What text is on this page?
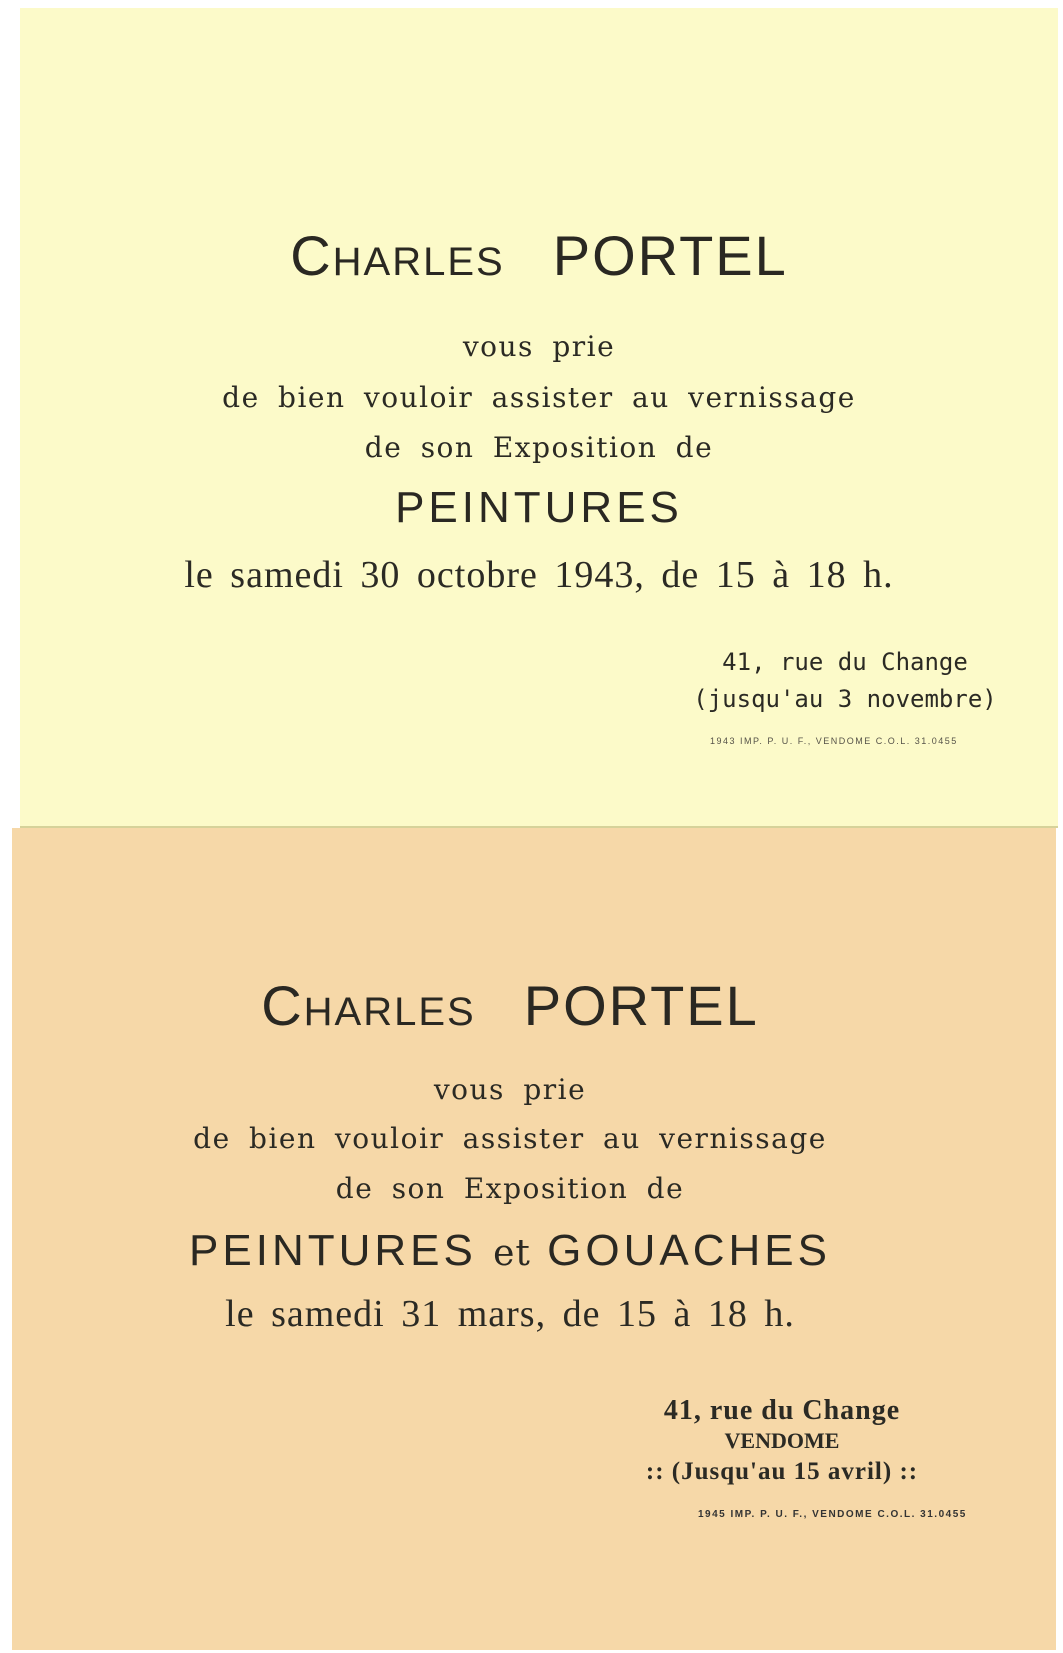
CHARLES PORTEL
vous prie
de bien vouloir assister au vernissage
de son Exposition de
PEINTURES
le samedi 30 octobre 1943, de 15 à 18 h.
41, rue du Change
(jusqu'au 3 novembre)
1943 IMP. P. U. F., VENDOME C.O.L. 31.0455
CHARLES PORTEL
vous prie
de bien vouloir assister au vernissage
de son Exposition de
PEINTURES et GOUACHES
le samedi 31 mars, de 15 à 18 h.
41, rue du Change
VENDOME
:: (Jusqu'au 15 avril) ::
1945 IMP. P. U. F., VENDOME C.O.L. 31.0455
